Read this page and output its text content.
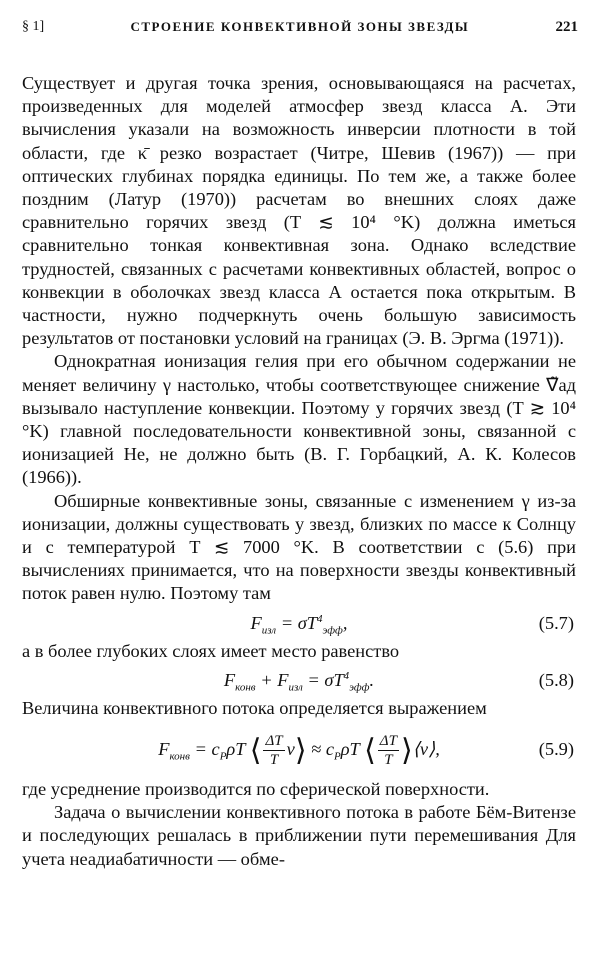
§ 1]	СТРОЕНИЕ КОНВЕКТИВНОЙ ЗОНЫ ЗВЕЗДЫ	221

Существует и другая точка зрения, основывающаяся на расчетах, произведенных для моделей атмосфер звезд класса А. Эти вычисления указали на возможность инверсии плотности в той области, где κ̄ резко возрастает (Читре, Шевив (1967)) — при оптических глубинах порядка единицы. По тем же, а также более поздним (Латур (1970)) расчетам во внешних слоях даже сравнительно горячих звезд (T ≲ 10⁴ °K) должна иметься сравнительно тонкая конвективная зона. Однако вследствие трудностей, связанных с расчетами конвективных областей, вопрос о конвекции в оболочках звезд класса А остается пока открытым. В частности, нужно подчеркнуть очень большую зависимость результатов от постановки условий на границах (Э. В. Эргма (1971)).

Однократная ионизация гелия при его обычном содержании не меняет величину γ настолько, чтобы соответствующее снижение ∇̃ад вызывало наступление конвекции. Поэтому у горячих звезд (T ≳ 10⁴ °K) главной последовательности конвективной зоны, связанной с ионизацией He, не должно быть (В. Г. Горбацкий, А. К. Колесов (1966)).

Обширные конвективные зоны, связанные с изменением γ из-за ионизации, должны существовать у звезд, близких по массе к Солнцу и с температурой T ≲ 7000 °K. В соответствии с (5.6) при вычислениях принимается, что на поверхности звезды конвективный поток равен нулю. Поэтому там

$F_{изл} = \sigma T^4_{эфф}$,	(5.7)

а в более глубоких слоях имеет место равенство

$F_{конв} + F_{изл} = \sigma T^4_{эфф}$.	(5.8)

Величина конвективного потока определяется выражением

$F_{конв} = c_P\rho T$ ⟨ $\frac{\Delta T}{T}$ v⟩ ≈ $c_P\rho T$ ⟨ $\frac{\Delta T}{T}$ ⟩⟨v⟩,	(5.9)

где усреднение производится по сферической поверхности.

Задача о вычислении конвективного потока в работе Бём-Витензе и последующих решалась в приближении пути перемешивания Для учета неадиабатичности — обме-
